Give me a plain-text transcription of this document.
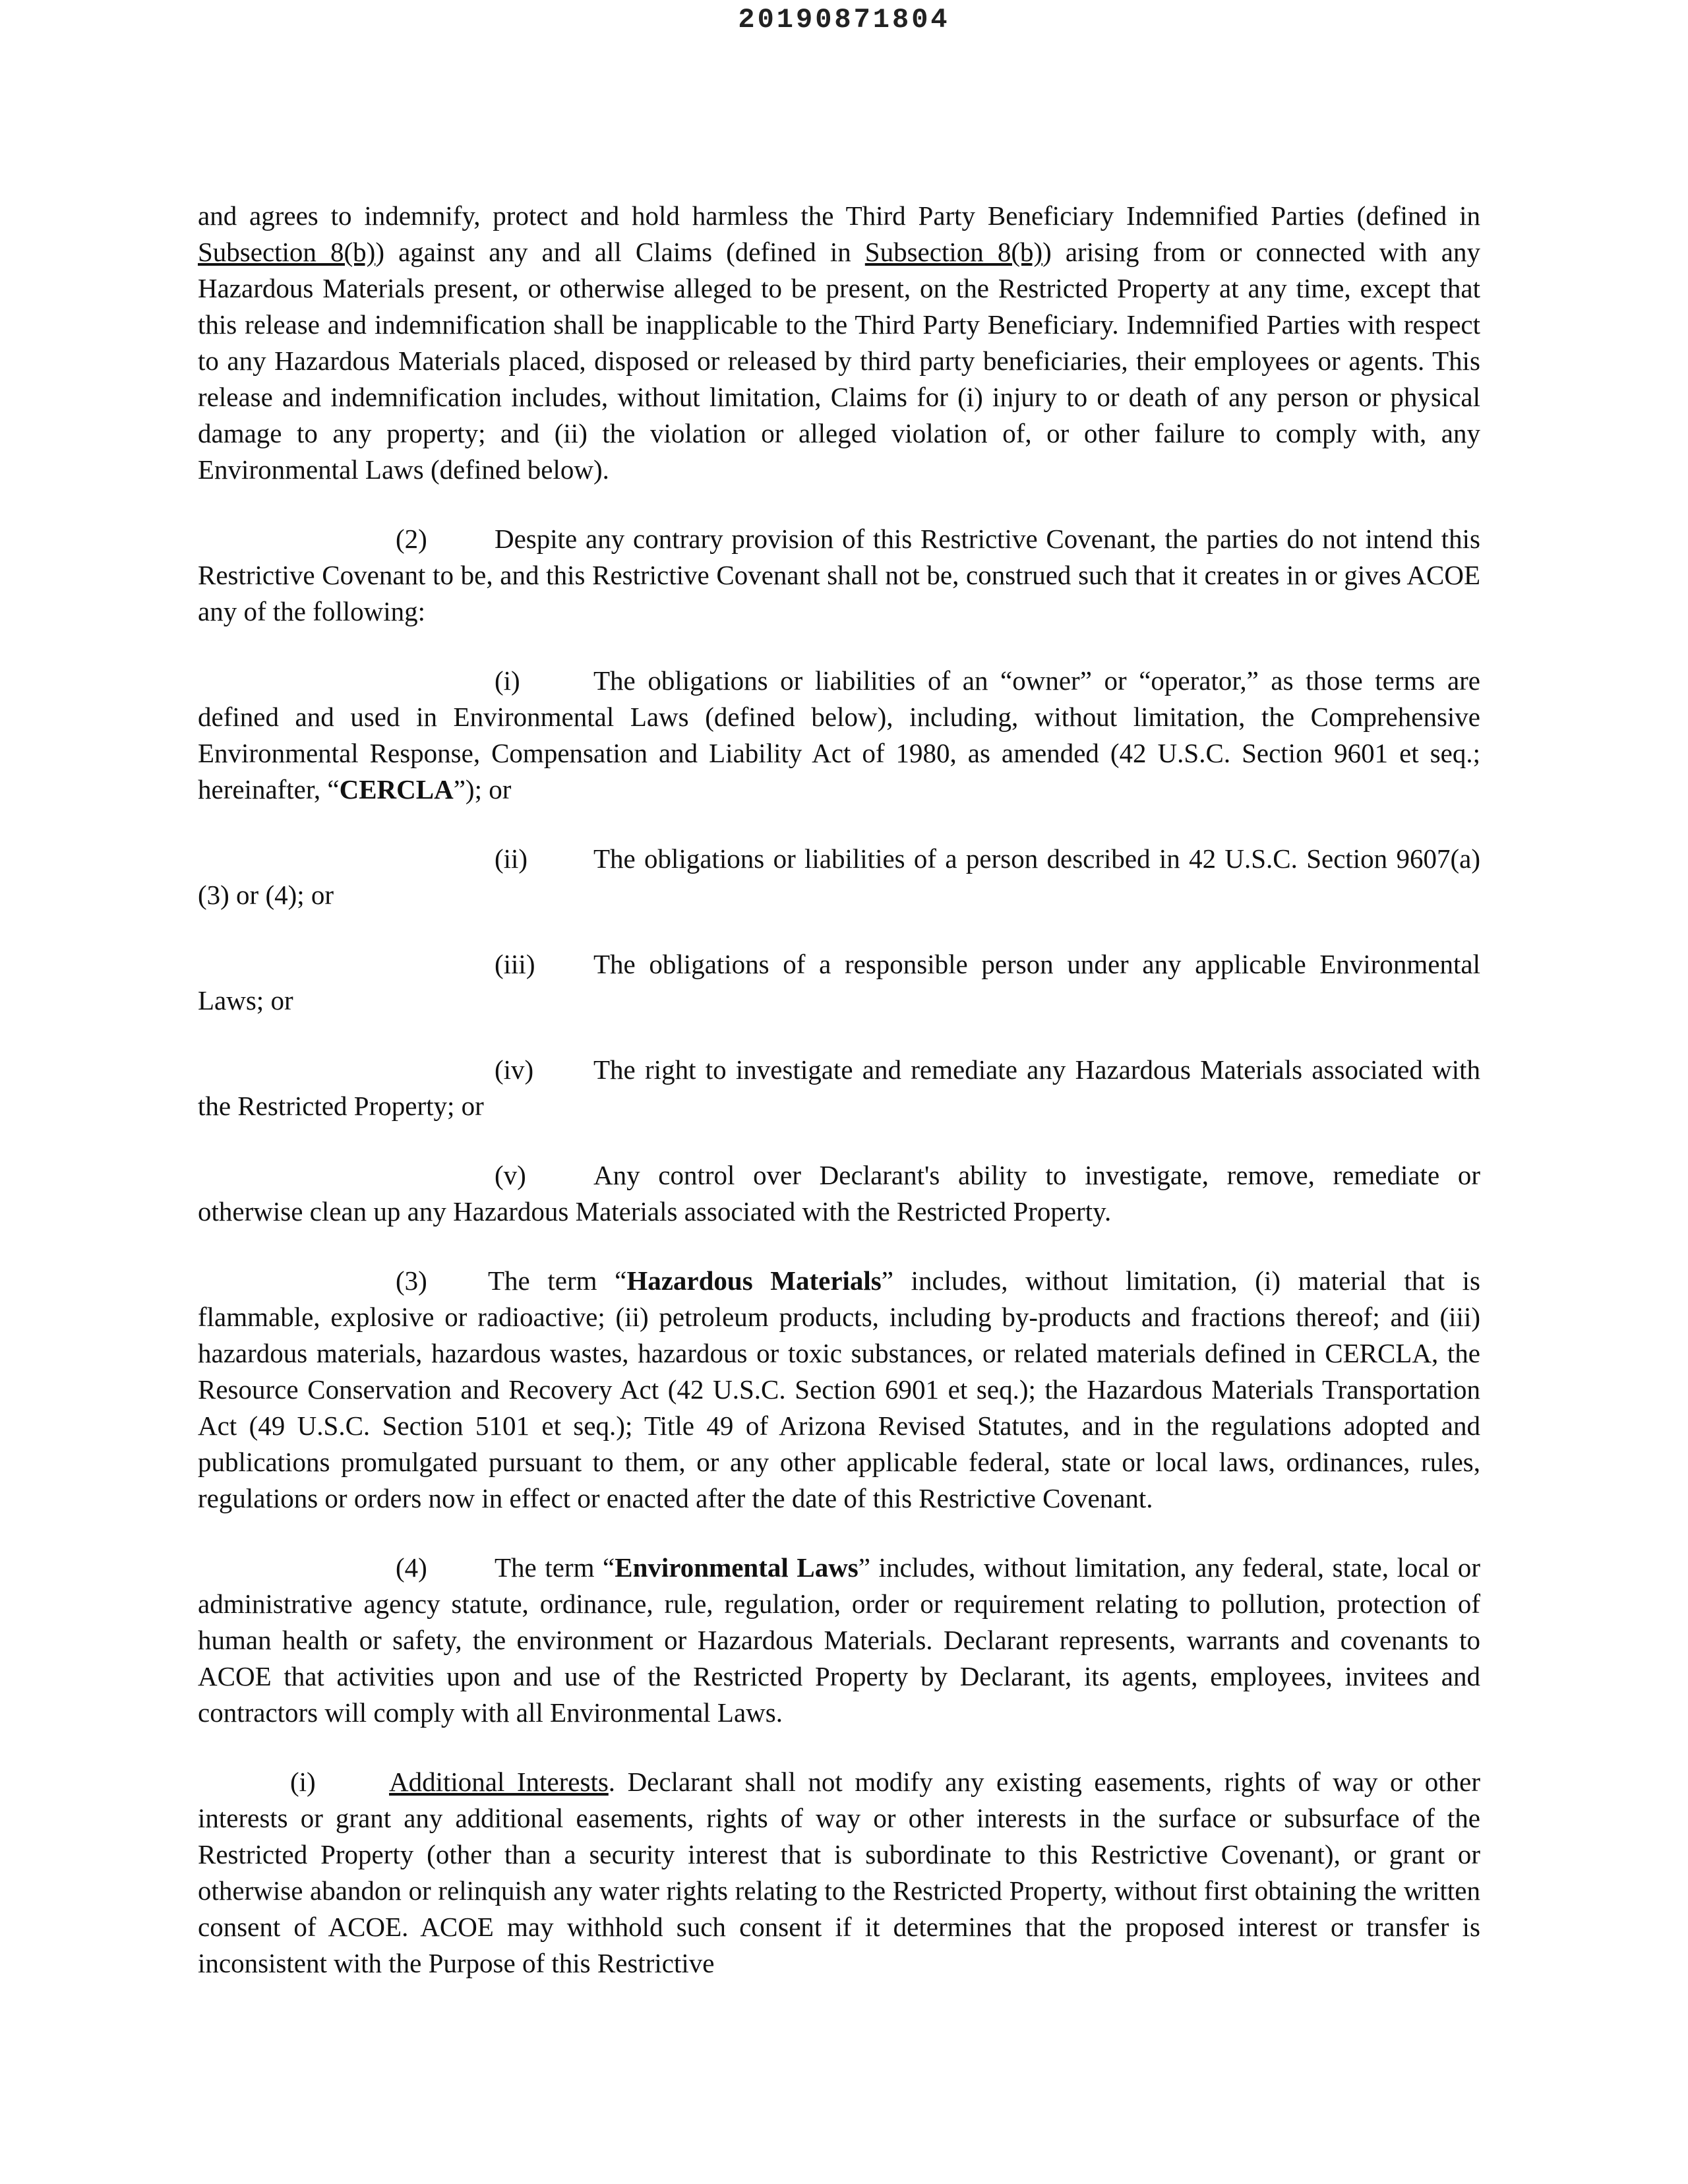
20190871804

and agrees to indemnify, protect and hold harmless the Third Party Beneficiary Indemnified Parties (defined in Subsection 8(b)) against any and all Claims (defined in Subsection 8(b)) arising from or connected with any Hazardous Materials present, or otherwise alleged to be present, on the Restricted Property at any time, except that this release and indemnification shall be inapplicable to the Third Party Beneficiary. Indemnified Parties with respect to any Hazardous Materials placed, disposed or released by third party beneficiaries, their employees or agents. This release and indemnification includes, without limitation, Claims for (i) injury to or death of any person or physical damage to any property; and (ii) the violation or alleged violation of, or other failure to comply with, any Environmental Laws (defined below).

(2) Despite any contrary provision of this Restrictive Covenant, the parties do not intend this Restrictive Covenant to be, and this Restrictive Covenant shall not be, construed such that it creates in or gives ACOE any of the following:

(i)	The obligations or liabilities of an “owner” or “operator,” as those terms are defined and used in Environmental Laws (defined below), including, without limitation, the Comprehensive Environmental Response, Compensation and Liability Act of 1980, as amended (42 U.S.C. Section 9601 et seq.; hereinafter, “CERCLA”); or

(ii) The obligations or liabilities of a person described in 42 U.S.C. Section 9607(a)(3) or (4); or

(iii) The obligations of a responsible person under any applicable Environmental Laws; or

(iv) The right to investigate and remediate any Hazardous Materials associated with the Restricted Property; or

(v) Any control over Declarant's ability to investigate, remove, remediate or otherwise clean up any Hazardous Materials associated with the Restricted Property.

(3) The term “Hazardous Materials” includes, without limitation, (i) material that is flammable, explosive or radioactive; (ii) petroleum products, including by-products and fractions thereof; and (iii) hazardous materials, hazardous wastes, hazardous or toxic substances, or related materials defined in CERCLA, the Resource Conservation and Recovery Act (42 U.S.C. Section 6901 et seq.); the Hazardous Materials Transportation Act (49 U.S.C. Section 5101 et seq.); Title 49 of Arizona Revised Statutes, and in the regulations adopted and publications promulgated pursuant to them, or any other applicable federal, state or local laws, ordinances, rules, regulations or orders now in effect or enacted after the date of this Restrictive Covenant.

(4) The term “Environmental Laws” includes, without limitation, any federal, state, local or administrative agency statute, ordinance, rule, regulation, order or requirement relating to pollution, protection of human health or safety, the environment or Hazardous Materials. Declarant represents, warrants and covenants to ACOE that activities upon and use of the Restricted Property by Declarant, its agents, employees, invitees and contractors will comply with all Environmental Laws.

(i)	Additional Interests. Declarant shall not modify any existing easements, rights of way or other interests or grant any additional easements, rights of way or other interests in the surface or subsurface of the Restricted Property (other than a security interest that is subordinate to this Restrictive Covenant), or grant or otherwise abandon or relinquish any water rights relating to the Restricted Property, without first obtaining the written consent of ACOE. ACOE may withhold such consent if it determines that the proposed interest or transfer is inconsistent with the Purpose of this Restrictive
